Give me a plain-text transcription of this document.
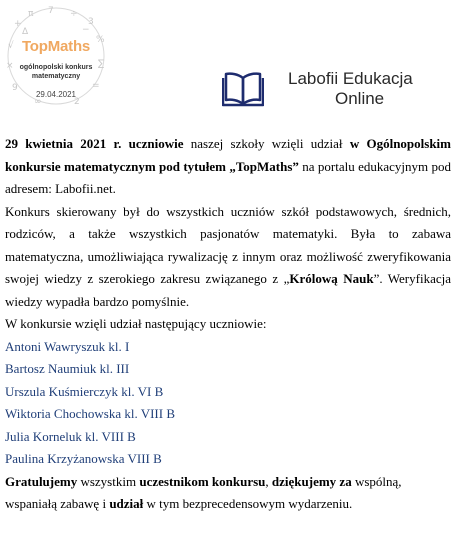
+
π 7 ÷
3
%
√
×	∑
9	=
∞	2
Δ	−
TopMaths
ogólnopolski konkurs
matematyczny
29.04.2021
Labofii Edukacja
Online

29 kwietnia 2021 r. uczniowie naszej szkoły wzięli udział w Ogólnopolskim konkursie matematycznym pod tytułem „TopMaths” na portalu edukacyjnym pod adresem: Labofii.net.

Konkurs skierowany był do wszystkich uczniów szkół podstawowych, średnich, rodziców, a także wszystkich pasjonatów matematyki. Była to zabawa matematyczna, umożliwiająca rywalizację z innym oraz możliwość zweryfikowania swojej wiedzy z szerokiego zakresu związanego z „Królową Nauk”. Weryfikacja wiedzy wypadła bardzo pomyślnie.

W konkursie wzięli udział następujący uczniowie:

Antoni Wawryszuk kl. I

Bartosz Naumiuk kl. III

Urszula Kuśmierczyk kl. VI B

Wiktoria Chochowska kl. VIII B

Julia Korneluk kl. VIII B

Paulina Krzyżanowska VIII B

Gratulujemy wszystkim uczestnikom konkursu, dziękujemy za wspólną, wspaniałą zabawę i udział w tym bezprecedensowym wydarzeniu.
